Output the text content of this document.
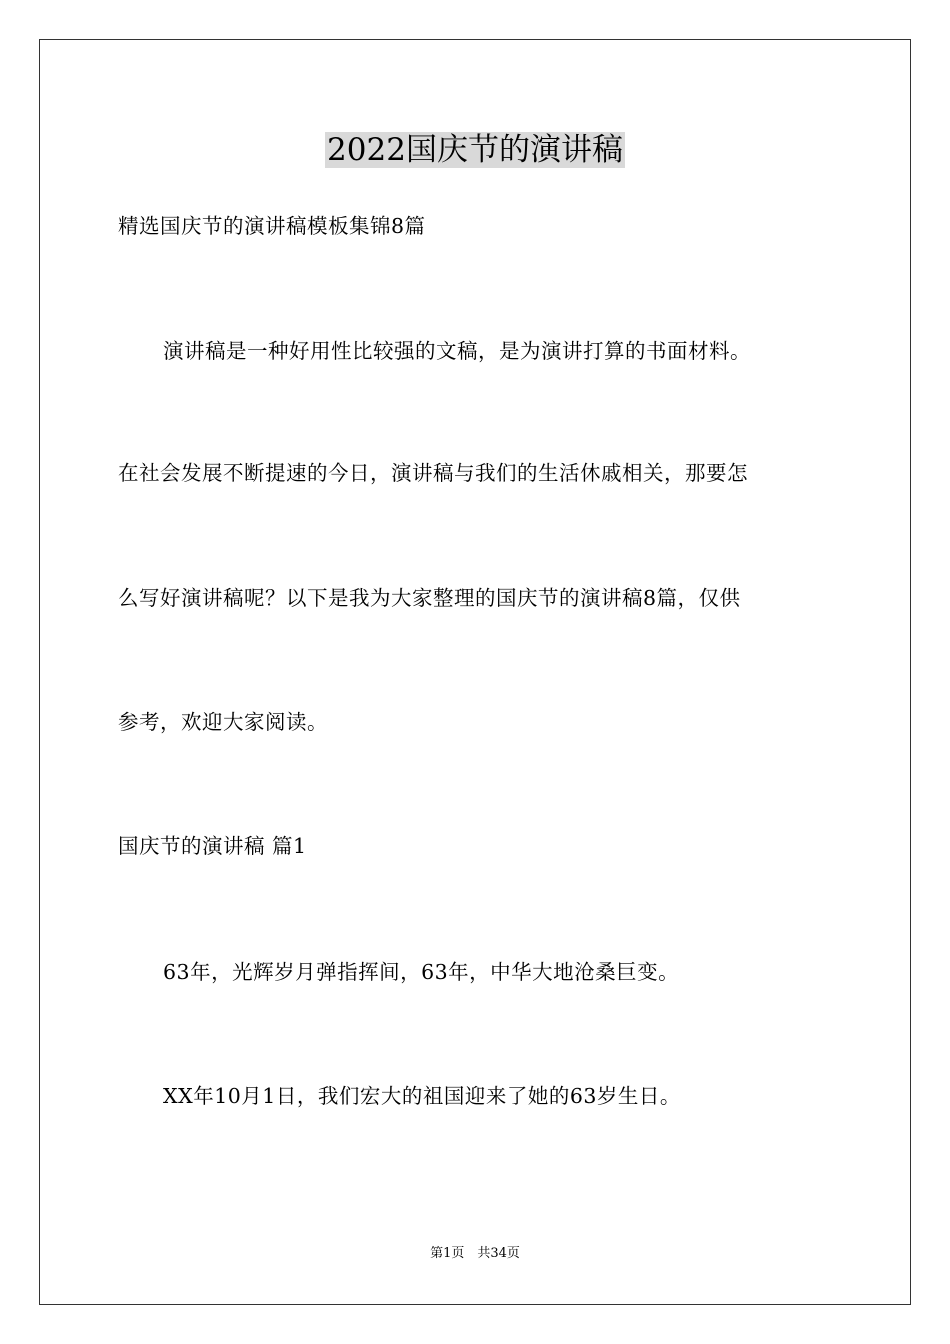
2022国庆节的演讲稿
精选国庆节的演讲稿模板集锦8篇
演讲稿是一种好用性比较强的文稿，是为演讲打算的书面材料。
在社会发展不断提速的今日，演讲稿与我们的生活休戚相关，那要怎
么写好演讲稿呢？以下是我为大家整理的国庆节的演讲稿8篇，仅供
参考，欢迎大家阅读。
国庆节的演讲稿 篇1
63年，光辉岁月弹指挥间，63年，中华大地沧桑巨变。
XX年10月1日，我们宏大的祖国迎来了她的63岁生日。
第1页　共34页
